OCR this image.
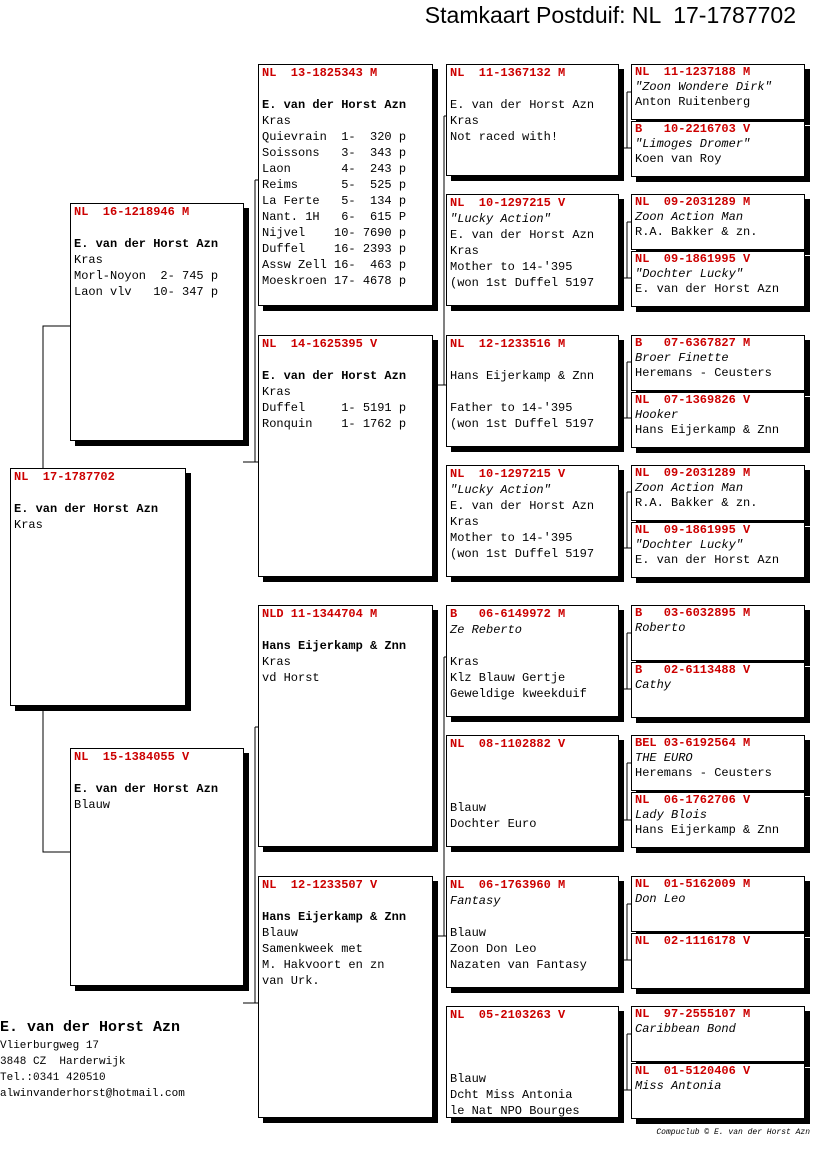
Stamkaart Postduif: NL  17-1787702
NL  17-1787702
E. van der Horst Azn
Kras
NL  16-1218946 M
E. van der Horst Azn
Kras
Morl-Noyon  2- 745 p
Laon vlv   10- 347 p
NL  15-1384055 V
E. van der Horst Azn
Blauw
NL  13-1825343 M
E. van der Horst Azn
Kras
Quievrain  1-  320 p
Soissons   3-  343 p
Laon       4-  243 p
Reims      5-  525 p
La Ferte   5-  134 p
Nant. 1H   6-  615 P
Nijvel    10- 7690 p
Duffel    16- 2393 p
Assw Zell 16-  463 p
Moeskroen 17- 4678 p
NL  14-1625395 V
E. van der Horst Azn
Kras
Duffel     1- 5191 p
Ronquin    1- 1762 p
NLD 11-1344704 M
Hans Eijerkamp & Znn
Kras
vd Horst
NL  12-1233507 V
Hans Eijerkamp & Znn
Blauw
Samenkweek met
M. Hakvoort en zn
van Urk.
NL  11-1367132 M
E. van der Horst Azn
Kras
Not raced with!
NL  10-1297215 V
"Lucky Action"
E. van der Horst Azn
Kras
Mother to 14-'395
(won 1st Duffel 5197
NL  12-1233516 M
Hans Eijerkamp & Znn
Father to 14-'395
(won 1st Duffel 5197
NL  10-1297215 V
"Lucky Action"
E. van der Horst Azn
Kras
Mother to 14-'395
(won 1st Duffel 5197
B   06-6149972 M
Ze Reberto
Kras
Klz Blauw Gertje
Geweldige kweekduif
NL  08-1102882 V
Blauw
Dochter Euro
NL  06-1763960 M
Fantasy
Blauw
Zoon Don Leo
Nazaten van Fantasy
NL  05-2103263 V
Blauw
Dcht Miss Antonia
le Nat NPO Bourges
NL  11-1237188 M
"Zoon Wondere Dirk"
Anton Ruitenberg
B   10-2216703 V
"Limoges Dromer"
Koen van Roy
NL  09-2031289 M
Zoon Action Man
R.A. Bakker & zn.
NL  09-1861995 V
"Dochter Lucky"
E. van der Horst Azn
B   07-6367827 M
Broer Finette
Heremans - Ceusters
NL  07-1369826 V
Hooker
Hans Eijerkamp & Znn
NL  09-2031289 M
Zoon Action Man
R.A. Bakker & zn.
NL  09-1861995 V
"Dochter Lucky"
E. van der Horst Azn
B   03-6032895 M
Roberto
B   02-6113488 V
Cathy
BEL 03-6192564 M
THE EURO
Heremans - Ceusters
NL  06-1762706 V
Lady Blois
Hans Eijerkamp & Znn
NL  01-5162009 M
Don Leo
NL  02-1116178 V
NL  97-2555107 M
Caribbean Bond
NL  01-5120406 V
Miss Antonia
E. van der Horst Azn
Vlierburgweg 17
3848 CZ  Harderwijk
Tel.:0341 420510
alwinvanderhorst@hotmail.com
Compuclub © E. van der Horst Azn
